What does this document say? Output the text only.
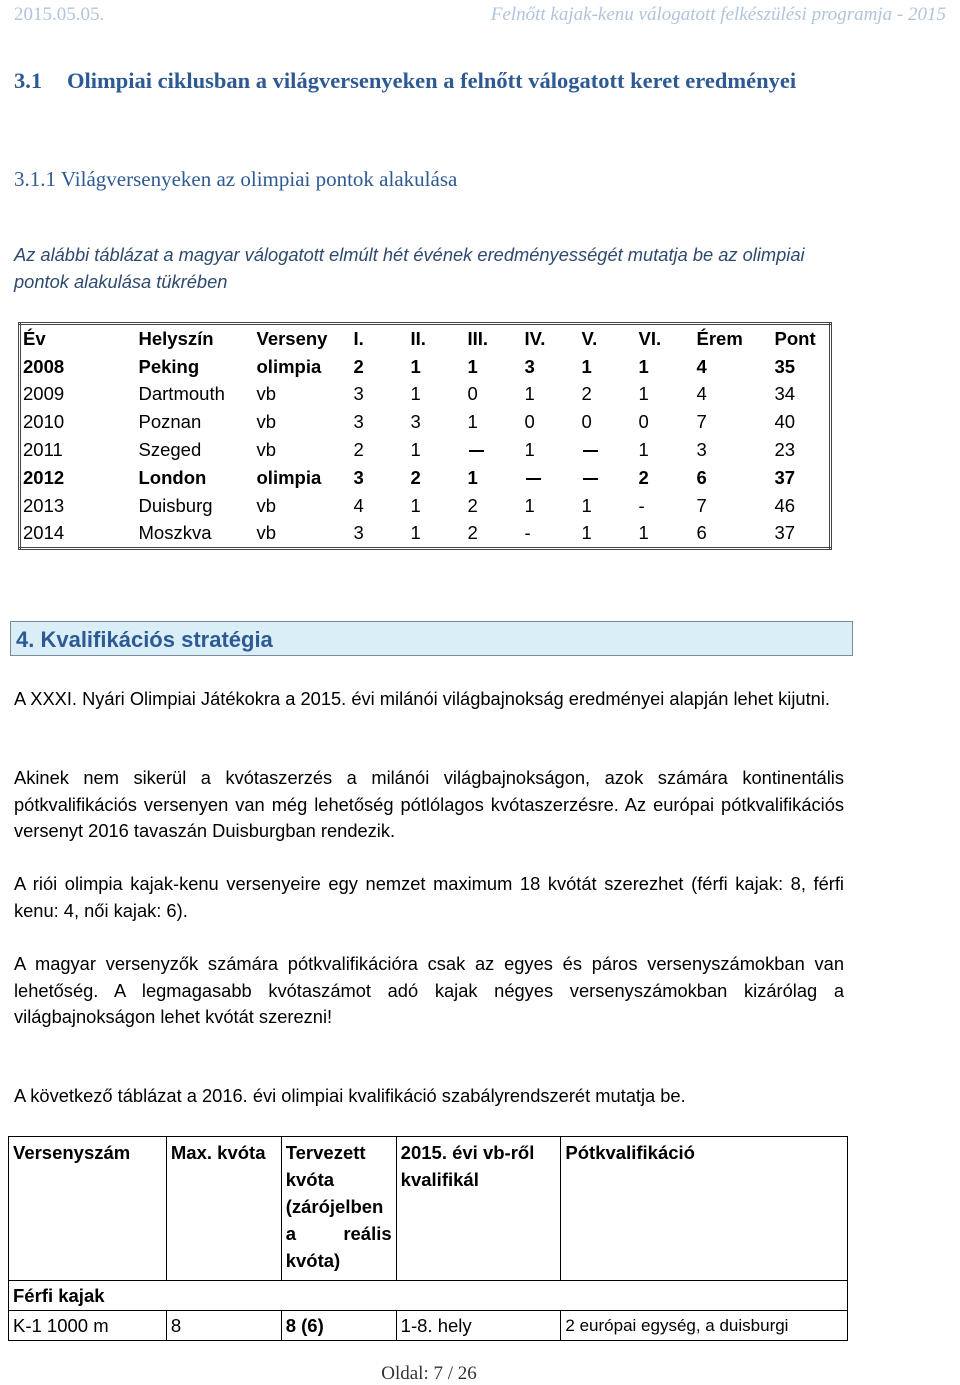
2015.05.05.	Felnőtt kajak-kenu válogatott felkészülési programja - 2015
3.1 Olimpiai ciklusban a világversenyeken a felnőtt válogatott keret eredményei
3.1.1 Világversenyeken az olimpiai pontok alakulása
Az alábbi táblázat a magyar válogatott elmúlt hét évének eredményességét mutatja be az olimpiai pontok alakulása tükrében
Év	Helyszín	Verseny	I.	II.	III.	IV.	V.	VI.	Érem	Pont
2008	Peking	olimpia	2	1	1	3	1	1	4	35
2009	Dartmouth	vb	3	1	0	1	2	1	4	34
2010	Poznan	vb	3	3	1	0	0	0	7	40
2011	Szeged	vb	2	1		1		1	3	23
2012	London	olimpia	3	2	1			2	6	37
2013	Duisburg	vb	4	1	2	1	1	-	7	46
2014	Moszkva	vb	3	1	2	-	1	1	6	37
4. Kvalifikációs stratégia
A XXXI. Nyári Olimpiai Játékokra a 2015. évi milánói világbajnokság eredményei alapján lehet kijutni.
Akinek nem sikerül a kvótaszerzés a milánói világbajnokságon, azok számára kontinentális pótkvalifikációs versenyen van még lehetőség pótlólagos kvótaszerzésre. Az európai pótkvalifikációs versenyt 2016 tavaszán Duisburgban rendezik.
A riói olimpia kajak-kenu versenyeire egy nemzet maximum 18 kvótát szerezhet (férfi kajak: 8, férfi kenu: 4, női kajak: 6).
A magyar versenyzők számára pótkvalifikációra csak az egyes és páros versenyszámokban van lehetőség. A legmagasabb kvótaszámot adó kajak négyes versenyszámokban kizárólag a világbajnokságon lehet kvótát szerezni!
A következő táblázat a 2016. évi olimpiai kvalifikáció szabályrendszerét mutatja be.
Versenyszám	Max. kvóta	Tervezett kvóta (zárójelben a reális kvóta)	2015. évi vb-ről kvalifikál	Pótkvalifikáció
Férfi kajak				
K-1 1000 m	8	8 (6)	1-8. hely	2 európai egység, a duisburgi
Oldal: 7 / 26
